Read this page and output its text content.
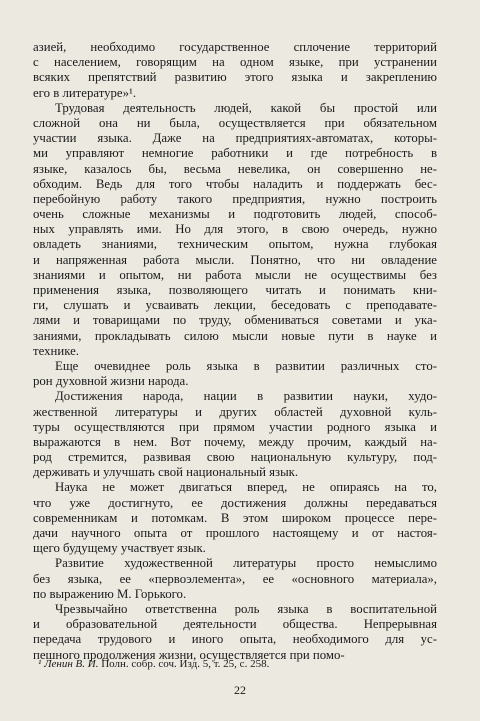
азией, необходимо государственное сплочение территорий
с населением, говорящим на одном языке, при устранении
всяких препятствий развитию этого языка и закреплению
его в литературе»¹.
Трудовая деятельность людей, какой бы простой или
сложной она ни была, осуществляется при обязательном
участии языка. Даже на предприятиях-автоматах, которы-
ми управляют немногие работники и где потребность в
языке, казалось бы, весьма невелика, он совершенно не-
обходим. Ведь для того чтобы наладить и поддержать бес-
перебойную работу такого предприятия, нужно построить
очень сложные механизмы и подготовить людей, способ-
ных управлять ими. Но для этого, в свою очередь, нужно
овладеть знаниями, техническим опытом, нужна глубокая
и напряженная работа мысли. Понятно, что ни овладение
знаниями и опытом, ни работа мысли не осуществимы без
применения языка, позволяющего читать и понимать кни-
ги, слушать и усваивать лекции, беседовать с преподавате-
лями и товарищами по труду, обмениваться советами и ука-
заниями, прокладывать силою мысли новые пути в науке и
технике.
Еще очевиднее роль языка в развитии различных сто-
рон духовной жизни народа.
Достижения народа, нации в развитии науки, худо-
жественной литературы и других областей духовной куль-
туры осуществляются при прямом участии родного языка и
выражаются в нем. Вот почему, между прочим, каждый на-
род стремится, развивая свою национальную культуру, под-
держивать и улучшать свой национальный язык.
Наука не может двигаться вперед, не опираясь на то,
что уже достигнуто, ее достижения должны передаваться
современникам и потомкам. В этом широком процессе пере-
дачи научного опыта от прошлого настоящему и от настоя-
щего будущему участвует язык.
Развитие художественной литературы просто немыслимо
без языка, ее «первоэлемента», ее «основного материала»,
по выражению М. Горького.
Чрезвычайно ответственна роль языка в воспитательной
и образовательной деятельности общества. Непрерывная
передача трудового и иного опыта, необходимого для ус-
пешного продолжения жизни, осуществляется при помо-
¹ Ленин В. И. Полн. собр. соч. Изд. 5, т. 25, с. 258.
22
